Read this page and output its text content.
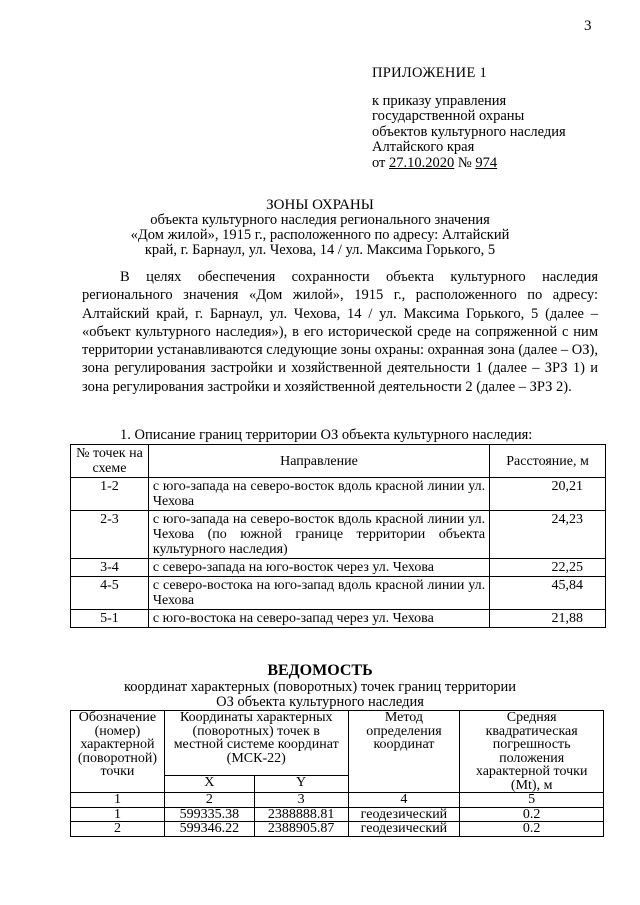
3
ПРИЛОЖЕНИЕ 1
к приказу управления
государственной охраны
объектов культурного наследия
Алтайского края
от 27.10.2020 № 974
ЗОНЫ ОХРАНЫ
объекта культурного наследия регионального значения
«Дом жилой», 1915 г., расположенного по адресу: Алтайский
край, г. Барнаул, ул. Чехова, 14 / ул. Максима Горького, 5
В целях обеспечения сохранности объекта культурного наследия регионального значения «Дом жилой», 1915 г., расположенного по адресу: Алтайский край, г. Барнаул, ул. Чехова, 14 / ул. Максима Горького, 5 (далее – «объект культурного наследия»), в его исторической среде на сопряженной с ним территории устанавливаются следующие зоны охраны: охранная зона (далее – ОЗ), зона регулирования застройки и хозяйственной деятельности 1 (далее – ЗРЗ 1) и зона регулирования застройки и хозяйственной деятельности 2 (далее – ЗРЗ 2).
1. Описание границ территории ОЗ объекта культурного наследия:
№ точек на схеме	Направление	Расстояние, м
1-2	с юго-запада на северо-восток вдоль красной линии ул. Чехова	20,21
2-3	с юго-запада на северо-восток вдоль красной линии ул. Чехова (по южной границе территории объекта культурного наследия)	24,23
3-4	с северо-запада на юго-восток через ул. Чехова	22,25
4-5	с северо-востока на юго-запад вдоль красной линии ул. Чехова	45,84
5-1	с юго-востока на северо-запад через ул. Чехова	21,88
ВЕДОМОСТЬ
координат характерных (поворотных) точек границ территории
ОЗ объекта культурного наследия
Обозначение (номер) характерной (поворотной) точки	Координаты характерных (поворотных) точек в местной системе координат (МСК-22)		Метод определения координат	Средняя квадратическая погрешность положения характерной точки (Mt), м
	X	Y		
1	2	3	4	5
1	599335.38	2388888.81	геодезический	0.2
2	599346.22	2388905.87	геодезический	0.2
